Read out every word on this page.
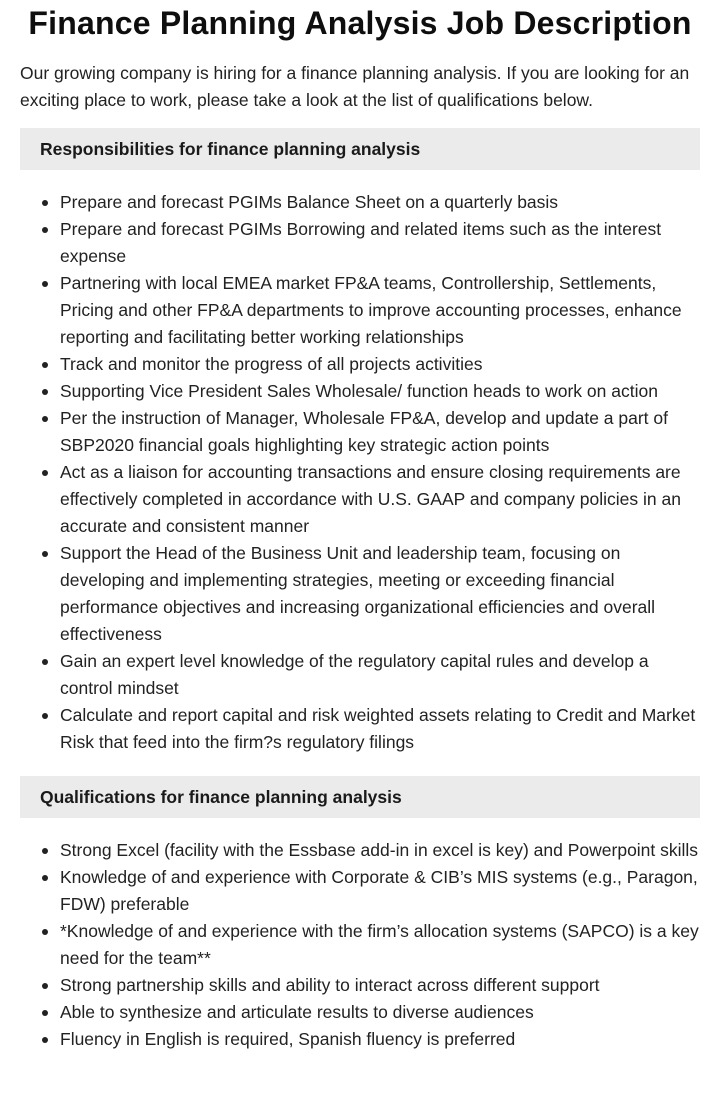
Finance Planning Analysis Job Description

Our growing company is hiring for a finance planning analysis. If you are looking for an exciting place to work, please take a look at the list of qualifications below.

Responsibilities for finance planning analysis
Prepare and forecast PGIMs Balance Sheet on a quarterly basis
Prepare and forecast PGIMs Borrowing and related items such as the interest expense
Partnering with local EMEA market FP&A teams, Controllership, Settlements, Pricing and other FP&A departments to improve accounting processes, enhance reporting and facilitating better working relationships
Track and monitor the progress of all projects activities
Supporting Vice President Sales Wholesale/ function heads to work on action
Per the instruction of Manager, Wholesale FP&A, develop and update a part of SBP2020 financial goals highlighting key strategic action points
Act as a liaison for accounting transactions and ensure closing requirements are effectively completed in accordance with U.S. GAAP and company policies in an accurate and consistent manner
Support the Head of the Business Unit and leadership team, focusing on developing and implementing strategies, meeting or exceeding financial performance objectives and increasing organizational efficiencies and overall effectiveness
Gain an expert level knowledge of the regulatory capital rules and develop a control mindset
Calculate and report capital and risk weighted assets relating to Credit and Market Risk that feed into the firm?s regulatory filings
Qualifications for finance planning analysis
Strong Excel (facility with the Essbase add-in in excel is key) and Powerpoint skills
Knowledge of and experience with Corporate & CIB’s MIS systems (e.g., Paragon, FDW) preferable
*Knowledge of and experience with the firm’s allocation systems (SAPCO) is a key need for the team**
Strong partnership skills and ability to interact across different support
Able to synthesize and articulate results to diverse audiences
Fluency in English is required, Spanish fluency is preferred
